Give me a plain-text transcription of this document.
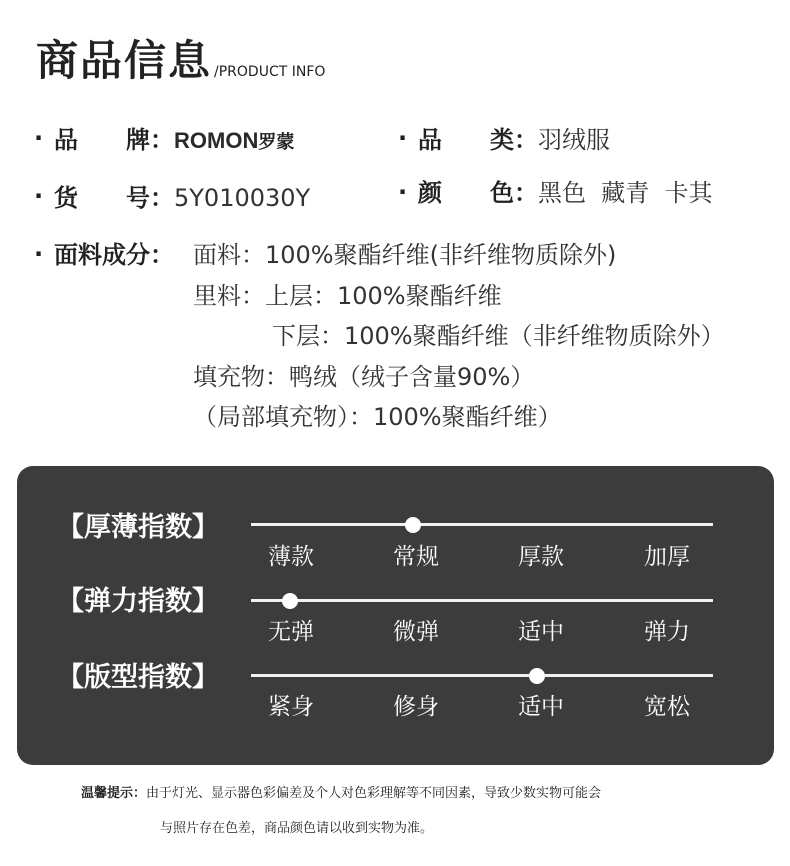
商品信息 /PRODUCT INFO
· 品　　牌：ROMON罗蒙	· 品　　类：羽绒服
· 货　　号：5Y010030Y	· 颜　　色：黑色  藏青  卡其
· 面料成分： 面料：100%聚酯纤维(非纤维物质除外)
里料：上层：100%聚酯纤维
下层：100%聚酯纤维（非纤维物质除外）
填充物：鸭绒（绒子含量90%）
（局部填充物）：100%聚酯纤维）
【厚薄指数】
薄款	常规	厚款	加厚
【弹力指数】
无弹	微弹	适中	弹力
【版型指数】
紧身	修身	适中	宽松
温馨提示：由于灯光、显示器色彩偏差及个人对色彩理解等不同因素，导致少数实物可能会
与照片存在色差，商品颜色请以收到实物为准。
